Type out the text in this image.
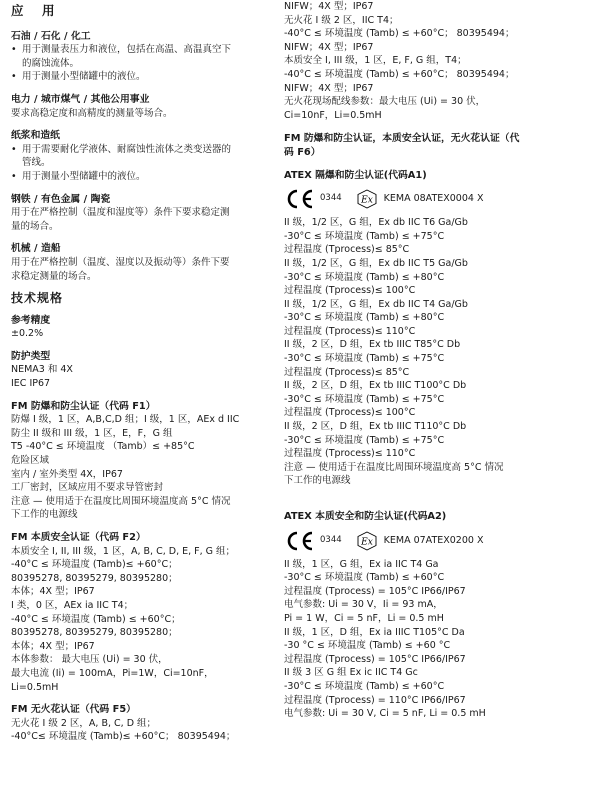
应　用
石油 / 石化 / 化工
• 用于测量表压力和液位，包括在高温、高温真空下
的腐蚀流体。
• 用于测量小型储罐中的液位。
电力 / 城市煤气 / 其他公用事业
要求高稳定度和高精度的测量等场合。
纸浆和造纸
• 用于需要耐化学液体、耐腐蚀性流体之类变送器的
管线。
• 用于测量小型储罐中的液位。
钢铁 / 有色金属 / 陶瓷
用于在严格控制（温度和湿度等）条件下要求稳定测
量的场合。
机械 / 造船
用于在严格控制（温度、湿度以及振动等）条件下要
求稳定测量的场合。
技术规格
参考精度
±0.2%
防护类型
NEMA3 和 4X
IEC IP67
FM 防爆和防尘认证（代码 F1）
防爆 I 级，1 区，A,B,C,D 组；I 级，1 区，AEx d IIC
防尘 II 级和 III 级，1 区，E，F，G 组
T5 -40°C ≤ 环境温度 （Tamb）≤ +85°C
危险区域
室内 / 室外类型 4X，IP67
工厂密封，区域应用不要求导管密封
注意 — 使用适于在温度比周围环境温度高 5°C 情况
下工作的电源线
FM 本质安全认证（代码 F2）
本质安全 I, II, III 级，1 区，A, B, C, D, E, F, G 组；
-40°C ≤ 环境温度 (Tamb)≤ +60°C；
80395278, 80395279, 80395280；
本体；4X 型；IP67
I 类，0 区，AEx ia IIC T4；
-40°C ≤ 环境温度 (Tamb) ≤ +60°C；
80395278, 80395279, 80395280；
本体；4X 型；IP67
本体参数： 最大电压 (Ui) = 30 伏，
最大电流 (Ii) = 100mA，Pi=1W，Ci=10nF，
Li=0.5mH
FM 无火花认证（代码 F5）
无火花 I 级 2 区，A, B, C, D 组；
-40°C≤ 环境温度 (Tamb)≤ +60°C； 80395494；
NIFW；4X 型；IP67
无火花 I 级 2 区，IIC T4；
-40°C ≤ 环境温度 (Tamb) ≤ +60°C； 80395494；
NIFW；4X 型；IP67
本质安全 I, III 级，1 区，E, F, G 组，T4；
-40°C ≤ 环境温度 (Tamb) ≤ +60°C； 80395494；
NIFW；4X 型；IP67
无火花现场配线参数：最大电压 (Ui) = 30 伏，
Ci=10nF，Li=0.5mH
FM 防爆和防尘认证，本质安全认证，无火花认证（代
码 F6）
ATEX 隔爆和防尘认证(代码A1)
0344 Ex KEMA 08ATEX0004 X
II 级，1/2 区，G 组，Ex db IIC T6 Ga/Gb
-30°C ≤ 环境温度 (Tamb) ≤ +75°C
过程温度 (Tprocess)≤ 85°C
II 级，1/2 区，G 组，Ex db IIC T5 Ga/Gb
-30°C ≤ 环境温度 (Tamb) ≤ +80°C
过程温度 (Tprocess)≤ 100°C
II 级，1/2 区，G 组，Ex db IIC T4 Ga/Gb
-30°C ≤ 环境温度 (Tamb) ≤ +80°C
过程温度 (Tprocess)≤ 110°C
II 级，2 区，D 组，Ex tb IIIC T85°C Db
-30°C ≤ 环境温度 (Tamb) ≤ +75°C
过程温度 (Tprocess)≤ 85°C
II 级，2 区，D 组，Ex tb IIIC T100°C Db
-30°C ≤ 环境温度 (Tamb) ≤ +75°C
过程温度 (Tprocess)≤ 100°C
II 级，2 区，D 组，Ex tb IIIC T110°C Db
-30°C ≤ 环境温度 (Tamb) ≤ +75°C
过程温度 (Tprocess)≤ 110°C
注意 — 使用适于在温度比周围环境温度高 5°C 情况
下工作的电源线
ATEX 本质安全和防尘认证(代码A2)
0344 Ex KEMA 07ATEX0200 X
II 级，1 区，G 组，Ex ia IIC T4 Ga
-30°C ≤ 环境温度 (Tamb) ≤ +60°C
过程温度 (Tprocess) = 105°C IP66/IP67
电气参数: Ui = 30 V，Ii = 93 mA，
Pi = 1 W，Ci = 5 nF，Li = 0.5 mH
II 级，1 区，D 组，Ex ia IIIC T105°C Da
-30 °C ≤ 环境温度 (Tamb) ≤ +60 °C
过程温度 (Tprocess) = 105°C IP66/IP67
II 级 3 区 G 组 Ex ic IIC T4 Gc
-30°C ≤ 环境温度 (Tamb) ≤ +60°C
过程温度 (Tprocess) = 110°C IP66/IP67
电气参数: Ui = 30 V, Ci = 5 nF, Li = 0.5 mH
